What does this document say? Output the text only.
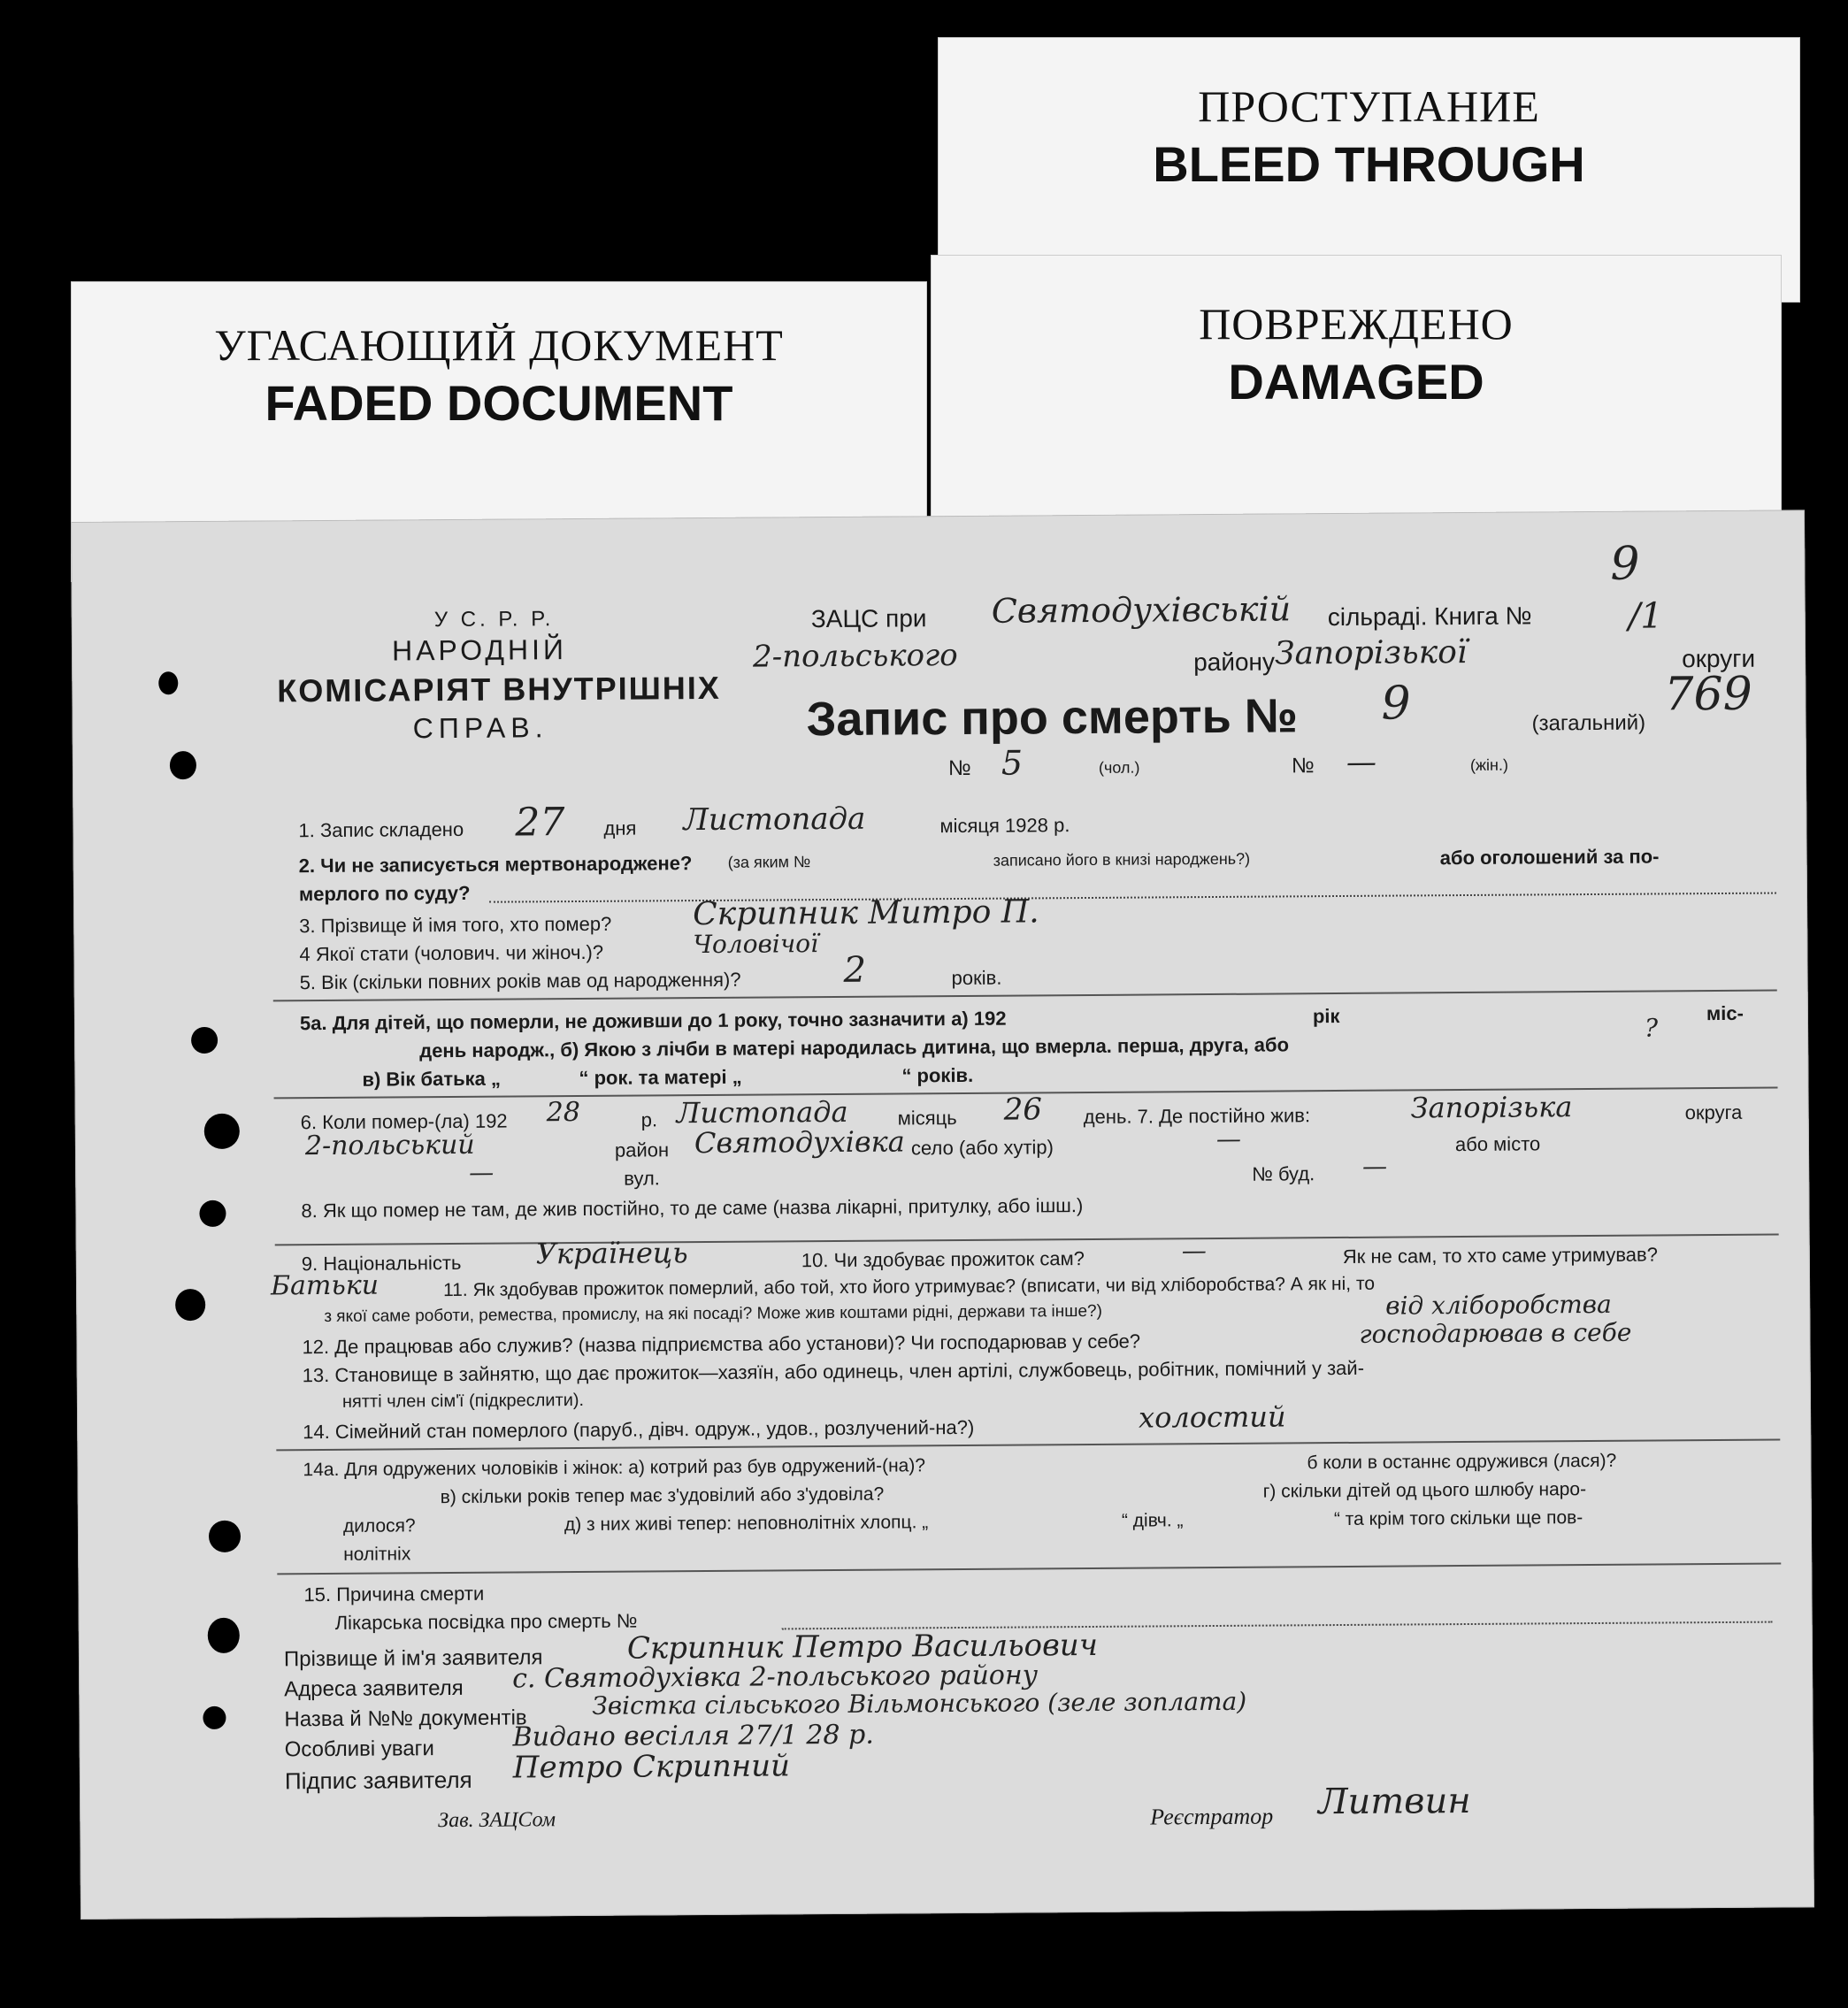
ПРОСТУПАНИЕ
BLEED THROUGH
ПОВРЕЖДЕНО
DAMAGED
УГАСАЮЩИЙ ДОКУМЕНТ
FADED DOCUMENT
У С. Р. Р.
НАРОДНІЙ
КОМІСАРІЯТ ВНУТРІШНІХ
СПРАВ.
ЗАЦС при Святодухівській сільраді. Книга №
9
/1
2-польського	району Запорізької	округи
Запис про смерть № 9	(загальний)
769
№ 5	(чол.)	№ —	(жін.)
1. Запис складено 27 дня Листопада	місяця 1928 р.
2. Чи не записується мертвонароджене? (за яким №	записано його в книзі народжень?)	або оголошений за по-
мерлого по суду?
3. Прізвище й імя того, хто помер?	Скрипник Митро П.
4 Якої стати (чолович. чи жіноч.)?	Чоловічої
5. Вік (скільки повних років мав од народження)?	2	років.
5а. Для дітей, що померли, не доживши до 1 року, точно зазначити а) 192	рік	міс-
день народж., б) Якою з лічби в матері народилась дитина, що вмерла. перша, друга, або
?
в) Вік батька „	“ рок. та матері „	“ років.
6. Коли помер-(ла) 192 28	р. Листопада	місяць 26 день. 7. Де постійно жив:	Запорізька	округа
2-польський	район Святодухівка село (або хутір)	—	або місто
—	вул.	№ буд. —
8. Як що помер не там, де жив постійно, то де саме (назва лікарні, притулку, або ішш.)
9. Національність	Українець	10. Чи здобуває прожиток сам?	—	Як не сам, то хто саме утримував?
Батьки	11. Як здобував прожиток померлий, або той, хто його утримуває? (вписати, чи від хліборобства? А як ні, то
з якої саме роботи, ремества, промислу, на які посаді? Може жив коштами рідні, держави та інше?)	від хліборобства
12. Де працював або служив? (назва підприємства або установи)? Чи господарював у себе?	господарював в себе
13. Становище в зайнятю, що дає прожиток—хазяїн, або одинець, член артілі, службовець, робітник, помічний у зай-
нятті член сім'ї (підкреслити).
14. Сімейний стан померлого (паруб., дівч. одруж., удов., розлучений-на?)	холостий
14а. Для одружених чоловіків і жінок: а) котрий раз був одружений-(на)?	б коли в останнє одружився (лася)?
в) скільки років тепер має з'удовілий або з'удовіла?	г) скільки дітей од цього шлюбу наро-
дилося?	д) з них живі тепер: неповнолітніх хлопц. „	“ дівч. „	“ та крім того скільки ще пов-
нолітніх
15. Причина смерти
Лікарська посвідка про смерть №
Прізвище й ім'я заявителя	Скрипник Петро Васильович
Адреса заявителя с. Святодухівка 2-польського району
Назва й №№ документів	Звістка сільського Вільмонського (зеле зоплата)
Особливі уваги	Видано весілля 27/1 28 р.
Підпис заявителя Петро Скрипний
Зав. ЗАЦСом	Реєстратор Литвин
